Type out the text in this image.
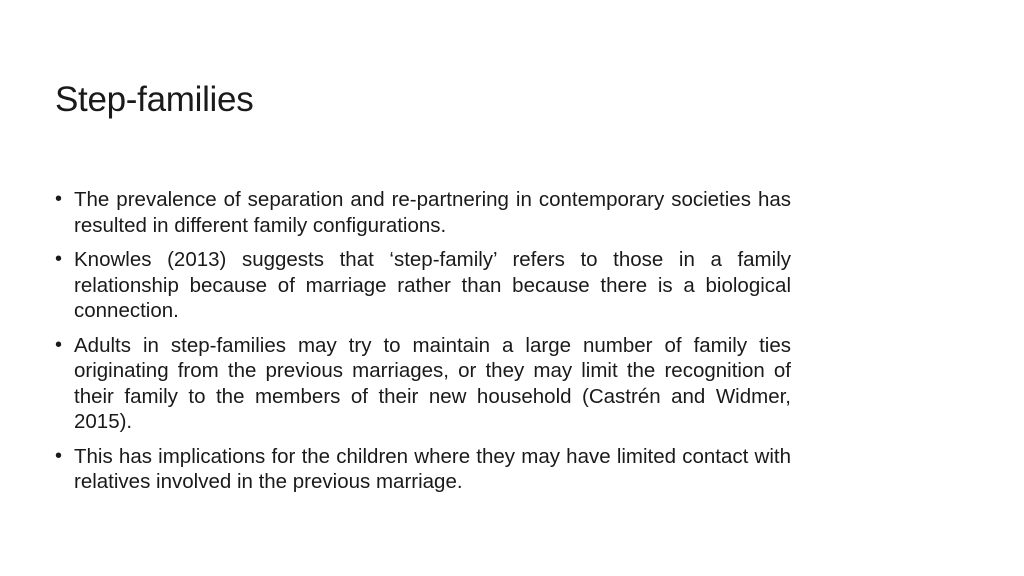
Step-families
• The prevalence of separation and re-partnering in contemporary societies has resulted in different family configurations.
• Knowles (2013) suggests that ‘step-family’ refers to those in a family relationship because of marriage rather than because there is a biological connection.
• Adults in step-families may try to maintain a large number of family ties originating from the previous marriages, or they may limit the recognition of their family to the members of their new household (Castrén and Widmer, 2015).
• This has implications for the children where they may have limited contact with relatives involved in the previous marriage.
